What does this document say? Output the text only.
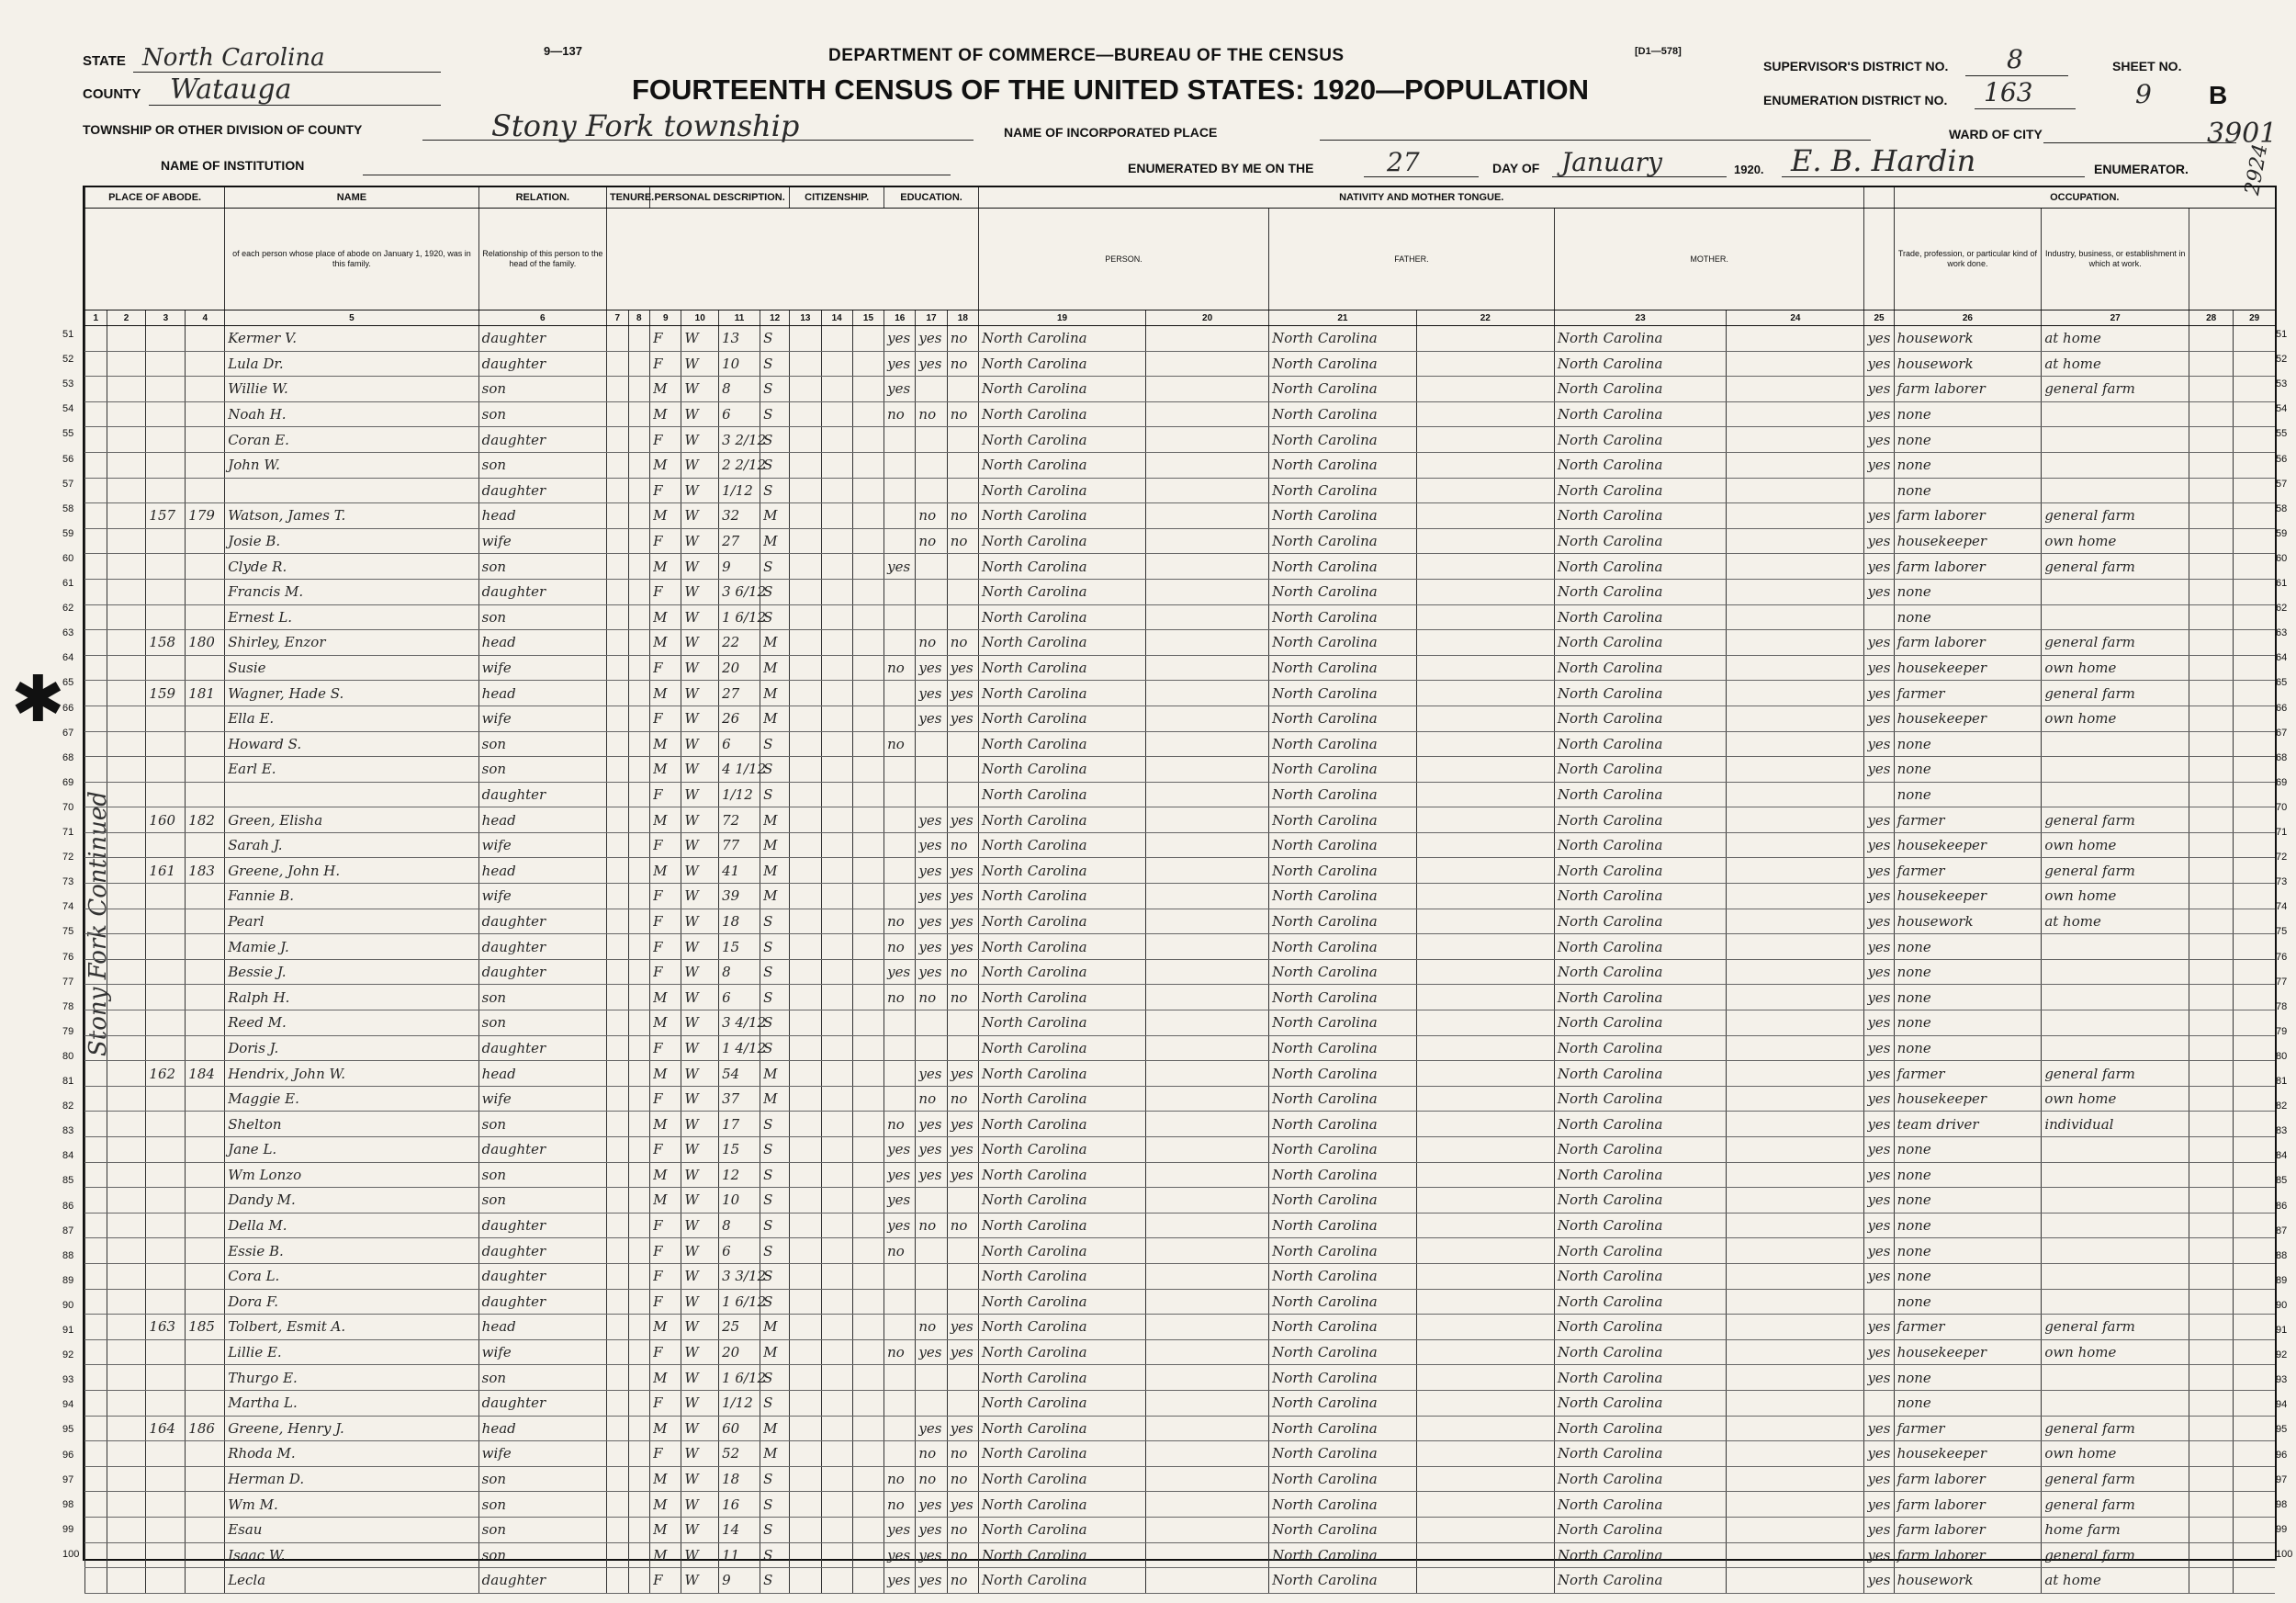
9—137	DEPARTMENT OF COMMERCE—BUREAU OF THE CENSUS	[D1—578]
FOURTEENTH CENSUS OF THE UNITED STATES: 1920—POPULATION
STATE North Carolina
COUNTY Watauga
TOWNSHIP OR OTHER DIVISION OF COUNTY	Stony Fork township
NAME OF INSTITUTION
NAME OF INCORPORATED PLACE
ENUMERATED BY ME ON THE	27	DAY OF January	1920. E. B. Hardin	ENUMERATOR.
SUPERVISOR'S DISTRICT NO. 8
ENUMERATION DISTRICT NO. 163
SHEET NO.
9 B
WARD OF CITY	3901
2924
✱
Stony Fork Continued
PLACE OF ABODE.				NAME	RELATION.	TENURE.		PERSONAL DESCRIPTION.				CITIZENSHIP.			EDUCATION.			NATIVITY AND MOTHER TONGUE.							OCCUPATION.			
				of each person whose place of abode on January 1, 1920, was in this family.	Relationship of this person to the head of the family.													PERSON.		FATHER.		MOTHER.			Trade, profession, or particular kind of work done.	Industry, business, or establishment in which at work.		
1	2	3	4	5	6	7	8	9	10	11	12	13	14	15	16	17	18	19	20	21	22	23	24	25	26	27	28	29
				Kermer V.	daughter			F	W	13	S				yes	yes	no	North Carolina		North Carolina		North Carolina		yes	housework	at home		
				Lula Dr.	daughter			F	W	10	S				yes	yes	no	North Carolina		North Carolina		North Carolina		yes	housework	at home		
				Willie W.	son			M	W	8	S				yes			North Carolina		North Carolina		North Carolina		yes	farm laborer	general farm		
				Noah H.	son			M	W	6	S				no	no	no	North Carolina		North Carolina		North Carolina		yes	none			
				Coran E.	daughter			F	W	3 2/12	S							North Carolina		North Carolina		North Carolina		yes	none			
				John W.	son			M	W	2 2/12	S							North Carolina		North Carolina		North Carolina		yes	none			
					daughter			F	W	1/12	S							North Carolina		North Carolina		North Carolina			none			
		157	179	Watson, James T.	head			M	W	32	M					no	no	North Carolina		North Carolina		North Carolina		yes	farm laborer	general farm		
				Josie B.	wife			F	W	27	M					no	no	North Carolina		North Carolina		North Carolina		yes	housekeeper	own home		
				Clyde R.	son			M	W	9	S				yes			North Carolina		North Carolina		North Carolina		yes	farm laborer	general farm		
				Francis M.	daughter			F	W	3 6/12	S							North Carolina		North Carolina		North Carolina		yes	none			
				Ernest L.	son			M	W	1 6/12	S							North Carolina		North Carolina		North Carolina			none			
		158	180	Shirley, Enzor	head			M	W	22	M					no	no	North Carolina		North Carolina		North Carolina		yes	farm laborer	general farm		
				Susie	wife			F	W	20	M				no	yes	yes	North Carolina		North Carolina		North Carolina		yes	housekeeper	own home		
		159	181	Wagner, Hade S.	head			M	W	27	M					yes	yes	North Carolina		North Carolina		North Carolina		yes	farmer	general farm		
				Ella E.	wife			F	W	26	M					yes	yes	North Carolina		North Carolina		North Carolina		yes	housekeeper	own home		
				Howard S.	son			M	W	6	S				no			North Carolina		North Carolina		North Carolina		yes	none			
				Earl E.	son			M	W	4 1/12	S							North Carolina		North Carolina		North Carolina		yes	none			
					daughter			F	W	1/12	S							North Carolina		North Carolina		North Carolina			none			
		160	182	Green, Elisha	head			M	W	72	M					yes	yes	North Carolina		North Carolina		North Carolina		yes	farmer	general farm		
				Sarah J.	wife			F	W	77	M					yes	no	North Carolina		North Carolina		North Carolina		yes	housekeeper	own home		
		161	183	Greene, John H.	head			M	W	41	M					yes	yes	North Carolina		North Carolina		North Carolina		yes	farmer	general farm		
				Fannie B.	wife			F	W	39	M					yes	yes	North Carolina		North Carolina		North Carolina		yes	housekeeper	own home		
				Pearl	daughter			F	W	18	S				no	yes	yes	North Carolina		North Carolina		North Carolina		yes	housework	at home		
				Mamie J.	daughter			F	W	15	S				no	yes	yes	North Carolina		North Carolina		North Carolina		yes	none			
				Bessie J.	daughter			F	W	8	S				yes	yes	no	North Carolina		North Carolina		North Carolina		yes	none			
				Ralph H.	son			M	W	6	S				no	no	no	North Carolina		North Carolina		North Carolina		yes	none			
				Reed M.	son			M	W	3 4/12	S							North Carolina		North Carolina		North Carolina		yes	none			
				Doris J.	daughter			F	W	1 4/12	S							North Carolina		North Carolina		North Carolina		yes	none			
		162	184	Hendrix, John W.	head			M	W	54	M					yes	yes	North Carolina		North Carolina		North Carolina		yes	farmer	general farm		
				Maggie E.	wife			F	W	37	M					no	no	North Carolina		North Carolina		North Carolina		yes	housekeeper	own home		
				Shelton	son			M	W	17	S				no	yes	yes	North Carolina		North Carolina		North Carolina		yes	team driver	individual		
				Jane L.	daughter			F	W	15	S				yes	yes	yes	North Carolina		North Carolina		North Carolina		yes	none			
				Wm Lonzo	son			M	W	12	S				yes	yes	yes	North Carolina		North Carolina		North Carolina		yes	none			
				Dandy M.	son			M	W	10	S				yes			North Carolina		North Carolina		North Carolina		yes	none			
				Della M.	daughter			F	W	8	S				yes	no	no	North Carolina		North Carolina		North Carolina		yes	none			
				Essie B.	daughter			F	W	6	S				no			North Carolina		North Carolina		North Carolina		yes	none			
				Cora L.	daughter			F	W	3 3/12	S							North Carolina		North Carolina		North Carolina		yes	none			
				Dora F.	daughter			F	W	1 6/12	S							North Carolina		North Carolina		North Carolina			none			
		163	185	Tolbert, Esmit A.	head			M	W	25	M					no	yes	North Carolina		North Carolina		North Carolina		yes	farmer	general farm		
				Lillie E.	wife			F	W	20	M				no	yes	yes	North Carolina		North Carolina		North Carolina		yes	housekeeper	own home		
				Thurgo E.	son			M	W	1 6/12	S							North Carolina		North Carolina		North Carolina		yes	none			
				Martha L.	daughter			F	W	1/12	S							North Carolina		North Carolina		North Carolina			none			
		164	186	Greene, Henry J.	head			M	W	60	M					yes	yes	North Carolina		North Carolina		North Carolina		yes	farmer	general farm		
				Rhoda M.	wife			F	W	52	M					no	no	North Carolina		North Carolina		North Carolina		yes	housekeeper	own home		
				Herman D.	son			M	W	18	S				no	no	no	North Carolina		North Carolina		North Carolina		yes	farm laborer	general farm		
				Wm M.	son			M	W	16	S				no	yes	yes	North Carolina		North Carolina		North Carolina		yes	farm laborer	general farm		
				Esau	son			M	W	14	S				yes	yes	no	North Carolina		North Carolina		North Carolina		yes	farm laborer	home farm		
				Isaac W.	son			M	W	11	S				yes	yes	no	North Carolina		North Carolina		North Carolina		yes	farm laborer	general farm		
				Lecla	daughter			F	W	9	S				yes	yes	no	North Carolina		North Carolina		North Carolina		yes	housework	at home		
51
51
52
52
53
53
54
54
55
55
56
56
57
57
58
58
59
59
60
60
61
61
62
62
63
63
64
64
65
65
66
66
67
67
68
68
69
69
70
70
71
71
72
72
73
73
74
74
75
75
76
76
77
77
78
78
79
79
80
80
81
81
82
82
83
83
84
84
85
85
86
86
87
87
88
88
89
89
90
90
91
91
92
92
93
93
94
94
95
95
96
96
97
97
98
98
99
99
100
100
